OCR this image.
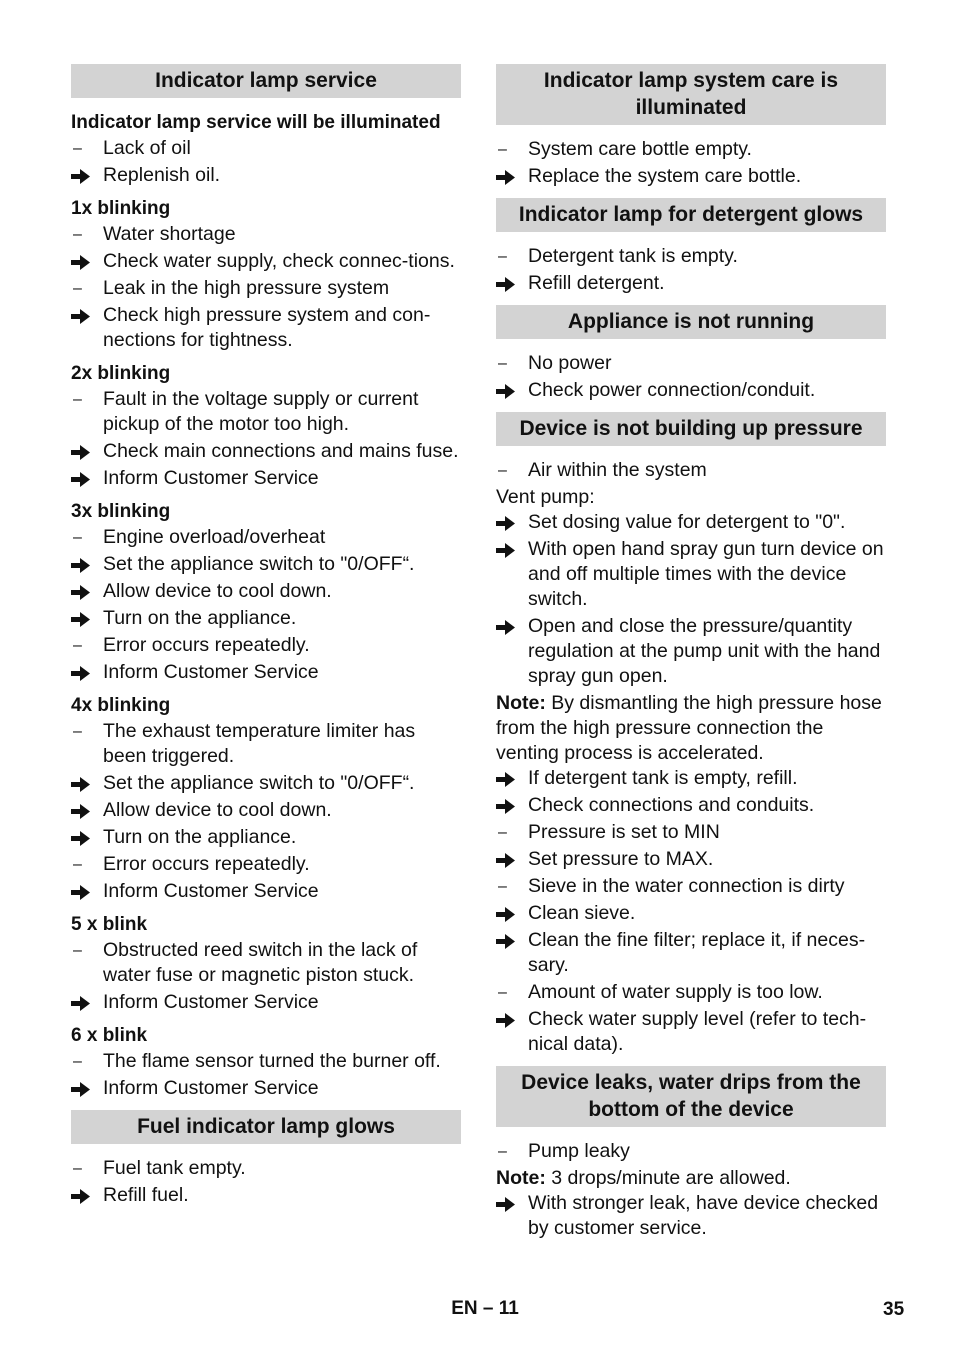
Indicator lamp service
Indicator lamp service will be illuminated
–	Lack of oil
Replenish oil.
1x blinking
–	Water shortage
Check water supply, check connec-tions.
–	Leak in the high pressure system
Check high pressure system and con-nections for tightness.
2x blinking
–	Fault in the voltage supply or current pickup of the motor too high.
Check main connections and mains fuse.
Inform Customer Service
3x blinking
–	Engine overload/overheat
Set the appliance switch to "0/OFF“.
Allow device to cool down.
Turn on the appliance.
–	Error occurs repeatedly.
Inform Customer Service
4x blinking
–	The exhaust temperature limiter has been triggered.
Set the appliance switch to "0/OFF“.
Allow device to cool down.
Turn on the appliance.
–	Error occurs repeatedly.
Inform Customer Service
5 x blink
–	Obstructed reed switch in the lack of water fuse or magnetic piston stuck.
Inform Customer Service
6 x blink
–	The flame sensor turned the burner off.
Inform Customer Service
Fuel indicator lamp glows
–	Fuel tank empty.
Refill fuel.
Indicator lamp system care is illuminated
–	System care bottle empty.
Replace the system care bottle.
Indicator lamp for detergent glows
–	Detergent tank is empty.
Refill detergent.
Appliance is not running
–	No power
Check power connection/conduit.
Device is not building up pressure
–	Air within the system
Vent pump:
Set dosing value for detergent to "0".
With open hand spray gun turn device on and off multiple times with the device switch.
Open and close the pressure/quantity regulation at the pump unit with the hand spray gun open.
Note: By dismantling the high pressure hose from the high pressure connection the venting process is accelerated.
If detergent tank is empty, refill.
Check connections and conduits.
–	Pressure is set to MIN
Set pressure to MAX.
–	Sieve in the water connection is dirty
Clean sieve.
Clean the fine filter; replace it, if neces-sary.
–	Amount of water supply is too low.
Check water supply level (refer to tech-nical data).
Device leaks, water drips from the bottom of the device
–	Pump leaky
Note: 3 drops/minute are allowed.
With stronger leak, have device checked by customer service.
EN – 11	35
